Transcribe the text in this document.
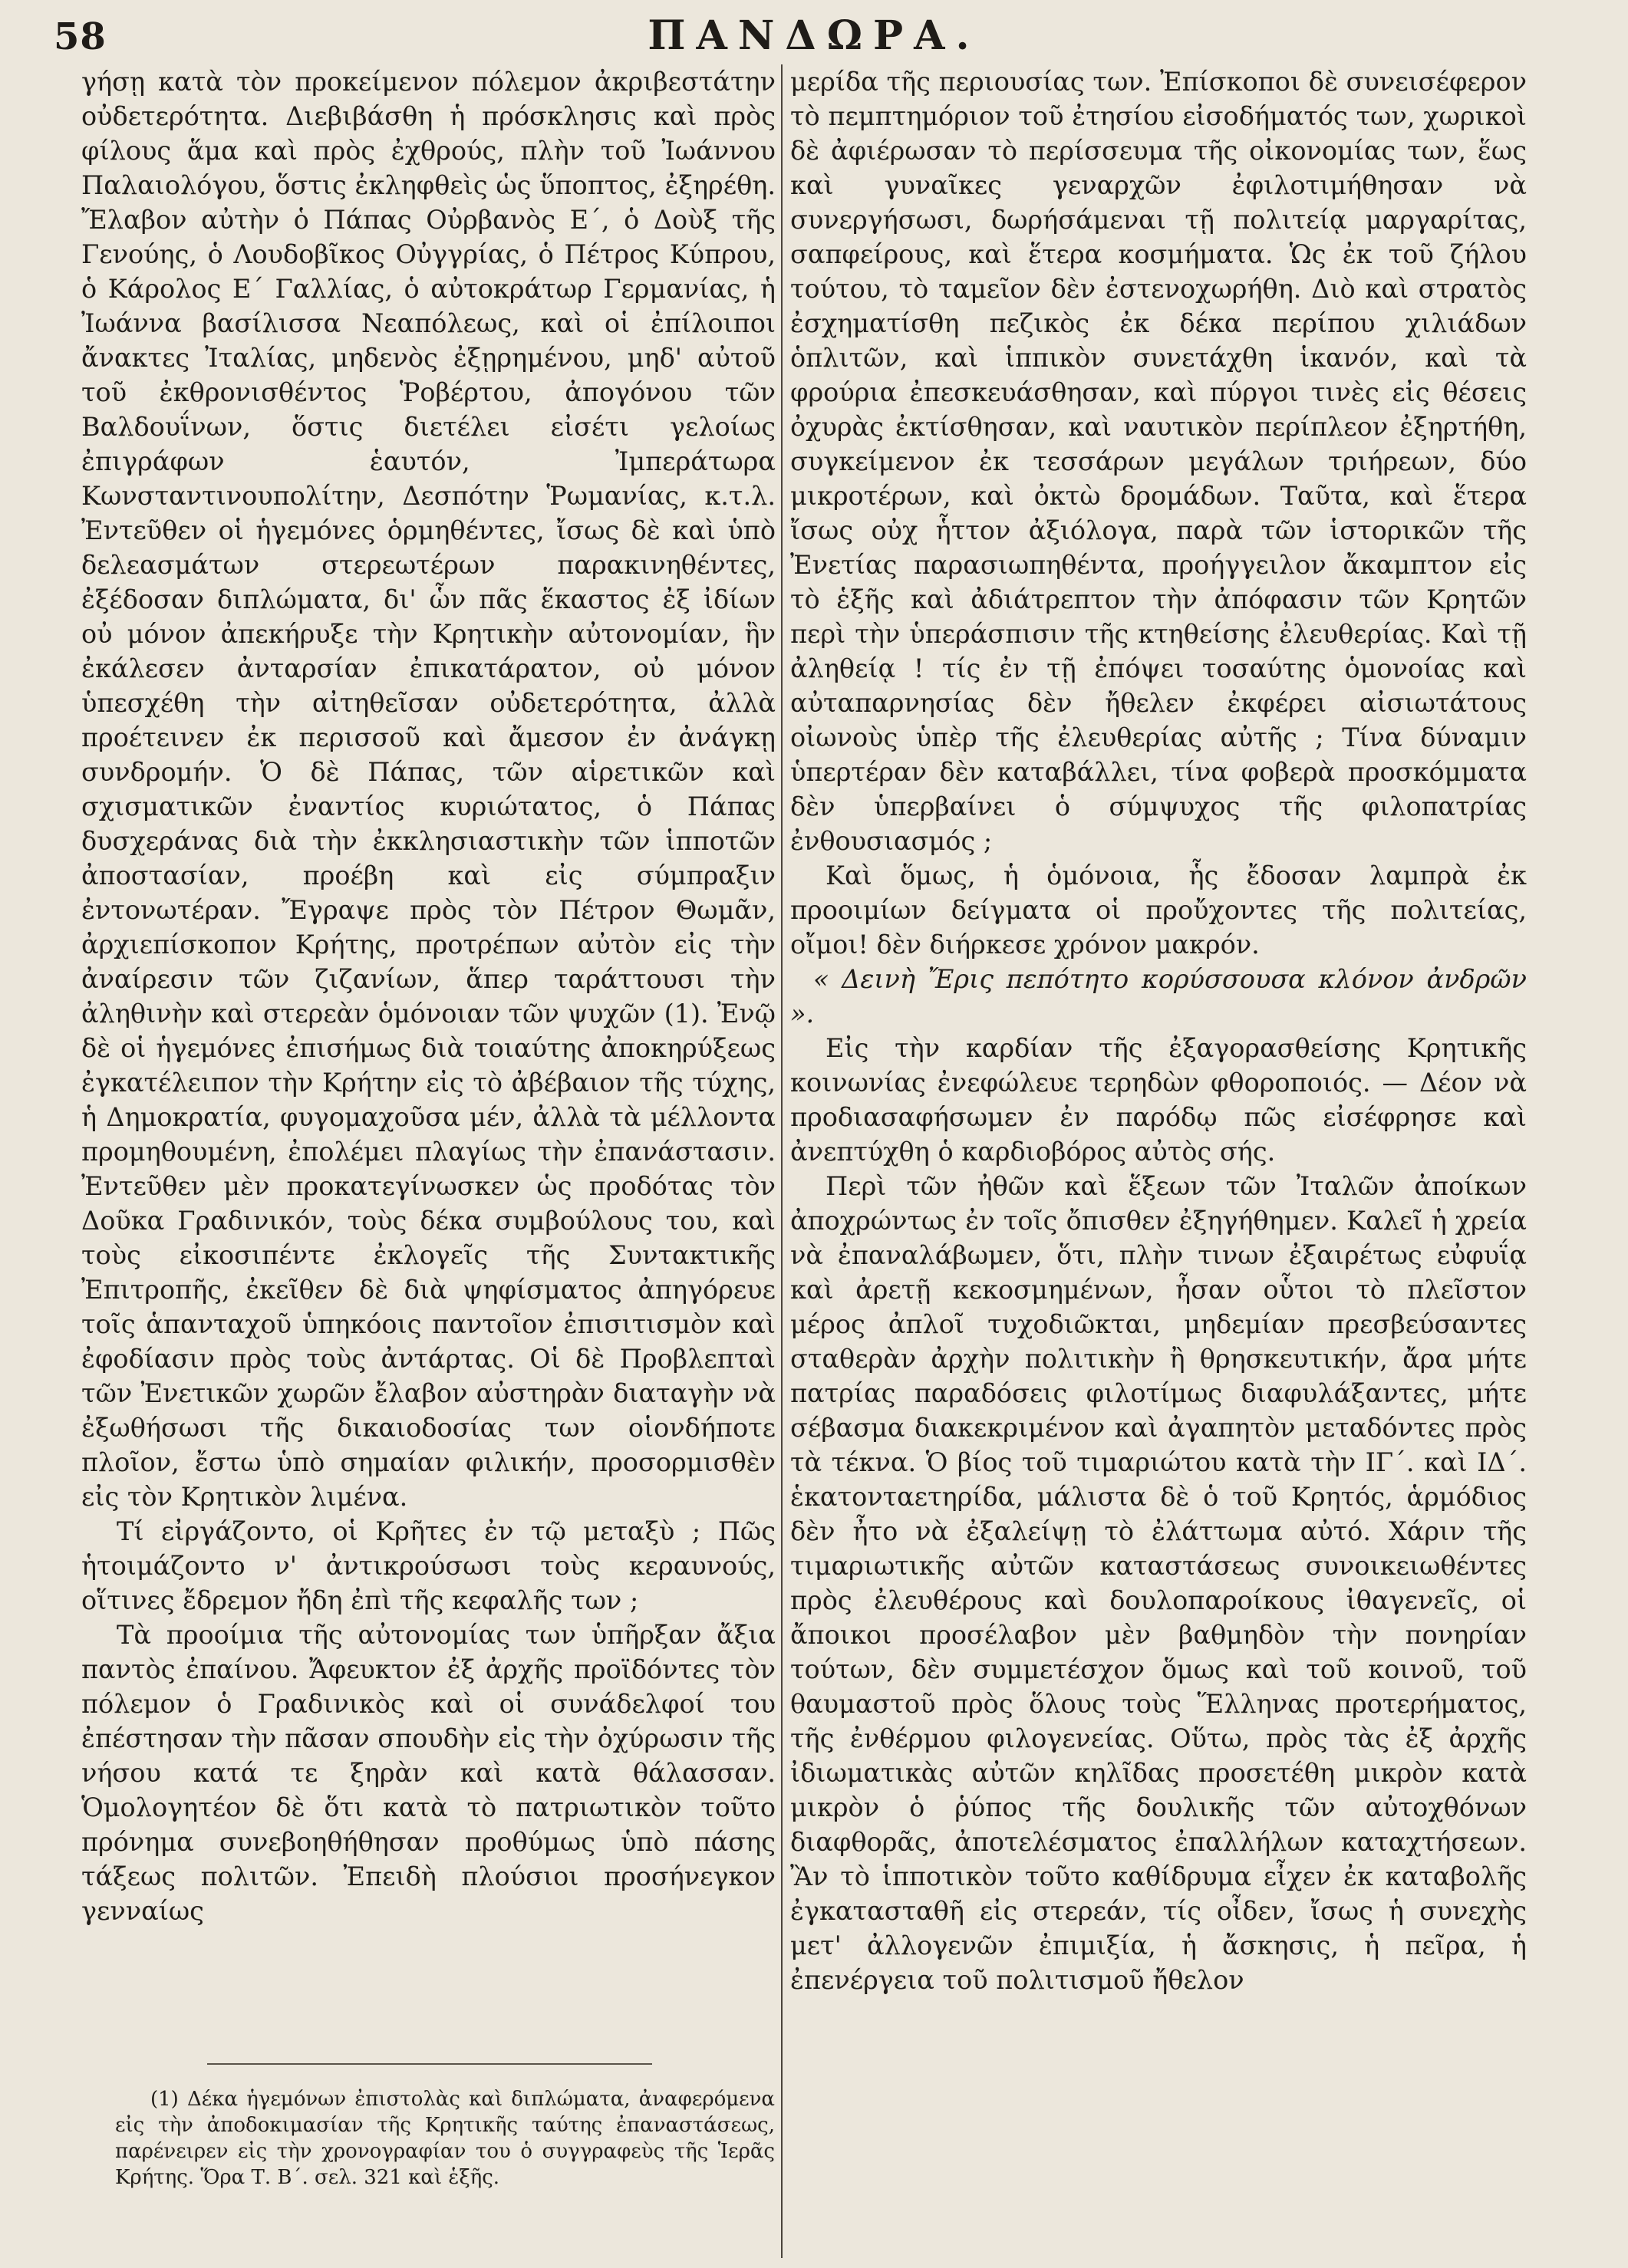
58	ΠΑΝΔΩΡΑ.

γήσῃ κατὰ τὸν προκείμενον πόλεμον ἀκριβεστάτην οὐδετερότητα. Διεβιβάσθη ἡ πρόσκλησις καὶ πρὸς φίλους ἅμα καὶ πρὸς ἐχθρούς, πλὴν τοῦ Ἰωάννου Παλαιολόγου, ὅστις ἐκληφθεὶς ὡς ὕποπτος, ἐξηρέθη. Ἔλαβον αὐτὴν ὁ Πάπας Οὐρβανὸς Ε΄, ὁ Δοὺξ τῆς Γενούης, ὁ Λουδοβῖκος Οὐγγρίας, ὁ Πέτρος Κύπρου, ὁ Κάρολος Ε΄ Γαλλίας, ὁ αὐτοκράτωρ Γερμανίας, ἡ Ἰωάννα βασίλισσα Νεαπόλεως, καὶ οἱ ἐπίλοιποι ἄνακτες Ἰταλίας, μηδενὸς ἐξῃρημένου, μηδ' αὐτοῦ τοῦ ἐκθρονισθέντος Ῥοβέρτου, ἀπογόνου τῶν Βαλδουΐνων, ὅστις διετέλει εἰσέτι γελοίως ἐπιγράφων ἑαυτόν, Ἰμπεράτωρα Κωνσταντινουπολίτην, Δεσπότην Ῥωμανίας, κ.τ.λ. Ἐντεῦθεν οἱ ἡγεμόνες ὁρμηθέντες, ἴσως δὲ καὶ ὑπὸ δελεασμάτων στερεωτέρων παρακινηθέντες, ἐξέδοσαν διπλώματα, δι' ὧν πᾶς ἕκαστος ἐξ ἰδίων οὐ μόνον ἀπεκήρυξε τὴν Κρητικὴν αὐτονομίαν, ἣν ἐκάλεσεν ἀνταρσίαν ἐπικατάρατον, οὐ μόνον ὑπεσχέθη τὴν αἰτηθεῖσαν οὐδετερότητα, ἀλλὰ προέτεινεν ἐκ περισσοῦ καὶ ἄμεσον ἐν ἀνάγκῃ συνδρομήν. Ὁ δὲ Πάπας, τῶν αἱρετικῶν καὶ σχισματικῶν ἐναντίος κυριώτατος, ὁ Πάπας δυσχεράνας διὰ τὴν ἐκκλησιαστικὴν τῶν ἱπποτῶν ἀποστασίαν, προέβη καὶ εἰς σύμπραξιν ἐντονωτέραν. Ἔγραψε πρὸς τὸν Πέτρον Θωμᾶν, ἀρχιεπίσκοπον Κρήτης, προτρέπων αὐτὸν εἰς τὴν ἀναίρεσιν τῶν ζιζανίων, ἅπερ ταράττουσι τὴν ἀληθινὴν καὶ στερεὰν ὁμόνοιαν τῶν ψυχῶν (1). Ἐνῷ δὲ οἱ ἡγεμόνες ἐπισήμως διὰ τοιαύτης ἀποκηρύξεως ἐγκατέλειπον τὴν Κρήτην εἰς τὸ ἀβέβαιον τῆς τύχης, ἡ Δημοκρατία, φυγομαχοῦσα μέν, ἀλλὰ τὰ μέλλοντα προμηθουμένη, ἐπολέμει πλαγίως τὴν ἐπανάστασιν. Ἐντεῦθεν μὲν προκατεγίνωσκεν ὡς προδότας τὸν Δοῦκα Γραδινικόν, τοὺς δέκα συμβούλους του, καὶ τοὺς εἰκοσιπέντε ἐκλογεῖς τῆς Συντακτικῆς Ἐπιτροπῆς, ἐκεῖθεν δὲ διὰ ψηφίσματος ἀπηγόρευε τοῖς ἁπανταχοῦ ὑπηκόοις παντοῖον ἐπισιτισμὸν καὶ ἐφοδίασιν πρὸς τοὺς ἀντάρτας. Οἱ δὲ Προβλεπταὶ τῶν Ἐνετικῶν χωρῶν ἔλαβον αὐστηρὰν διαταγὴν νὰ ἐξωθήσωσι τῆς δικαιοδοσίας των οἱονδήποτε πλοῖον, ἔστω ὑπὸ σημαίαν φιλικήν, προσορμισθὲν εἰς τὸν Κρητικὸν λιμένα.

Τί εἰργάζοντο, οἱ Κρῆτες ἐν τῷ μεταξὺ ; Πῶς ἡτοιμάζοντο ν' ἀντικρούσωσι τοὺς κεραυνούς, οἵτινες ἔδρεμον ἤδη ἐπὶ τῆς κεφαλῆς των ;

Τὰ προοίμια τῆς αὐτονομίας των ὑπῆρξαν ἄξια παντὸς ἐπαίνου. Ἄφευκτον ἐξ ἀρχῆς προϊδόντες τὸν πόλεμον ὁ Γραδινικὸς καὶ οἱ συνάδελφοί του ἐπέστησαν τὴν πᾶσαν σπουδὴν εἰς τὴν ὀχύρωσιν τῆς νήσου κατά τε ξηρὰν καὶ κατὰ θάλασσαν. Ὁμολογητέον δὲ ὅτι κατὰ τὸ πατριωτικὸν τοῦτο πρόνημα συνεβοηθήθησαν προθύμως ὑπὸ πάσης τάξεως πολιτῶν. Ἐπειδὴ πλούσιοι προσήνεγκον γενναίως

μερίδα τῆς περιουσίας των. Ἐπίσκοποι δὲ συνεισέφερον τὸ πεμπτημόριον τοῦ ἐτησίου εἰσοδήματός των, χωρικοὶ δὲ ἀφιέρωσαν τὸ περίσσευμα τῆς οἰκονομίας των, ἕως καὶ γυναῖκες γεναρχῶν ἐφιλοτιμήθησαν νὰ συνεργήσωσι, δωρήσάμεναι τῇ πολιτείᾳ μαργαρίτας, σαπφείρους, καὶ ἕτερα κοσμήματα. Ὡς ἐκ τοῦ ζήλου τούτου, τὸ ταμεῖον δὲν ἐστενοχωρήθη. Διὸ καὶ στρατὸς ἐσχηματίσθη πεζικὸς ἐκ δέκα περίπου χιλιάδων ὁπλιτῶν, καὶ ἱππικὸν συνετάχθη ἱκανόν, καὶ τὰ φρούρια ἐπεσκευάσθησαν, καὶ πύργοι τινὲς εἰς θέσεις ὀχυρὰς ἐκτίσθησαν, καὶ ναυτικὸν περίπλεον ἐξηρτήθη, συγκείμενον ἐκ τεσσάρων μεγάλων τριήρεων, δύο μικροτέρων, καὶ ὀκτὼ δρομάδων. Ταῦτα, καὶ ἕτερα ἴσως οὐχ ἧττον ἀξιόλογα, παρὰ τῶν ἱστορικῶν τῆς Ἐνετίας παρασιωπηθέντα, προήγγειλον ἄκαμπτον εἰς τὸ ἑξῆς καὶ ἀδιάτρεπτον τὴν ἀπόφασιν τῶν Κρητῶν περὶ τὴν ὑπεράσπισιν τῆς κτηθείσης ἐλευθερίας. Καὶ τῇ ἀληθείᾳ ! τίς ἐν τῇ ἐπόψει τοσαύτης ὁμονοίας καὶ αὐταπαρνησίας δὲν ἤθελεν ἐκφέρει αἰσιωτάτους οἰωνοὺς ὑπὲρ τῆς ἐλευθερίας αὐτῆς ; Τίνα δύναμιν ὑπερτέραν δὲν καταβάλλει, τίνα φοβερὰ προσκόμματα δὲν ὑπερβαίνει ὁ σύμψυχος τῆς φιλοπατρίας ἐνθουσιασμός ;

Καὶ ὅμως, ἡ ὁμόνοια, ἧς ἔδοσαν λαμπρὰ ἐκ προοιμίων δείγματα οἱ προὔχοντες τῆς πολιτείας, οἴμοι! δὲν διήρκεσε χρόνον μακρόν.

« Δεινὴ Ἔρις πεπότητο κορύσσουσα κλόνον ἀνδρῶν ».

Εἰς τὴν καρδίαν τῆς ἐξαγορασθείσης Κρητικῆς κοινωνίας ἐνεφώλευε τερηδὼν φθοροποιός. — Δέον νὰ προδιασαφήσωμεν ἐν παρόδῳ πῶς εἰσέφρησε καὶ ἀνεπτύχθη ὁ καρδιοβόρος αὐτὸς σής.

Περὶ τῶν ἠθῶν καὶ ἕξεων τῶν Ἰταλῶν ἀποίκων ἀποχρώντως ἐν τοῖς ὄπισθεν ἐξηγήθημεν. Καλεῖ ἡ χρεία νὰ ἐπαναλάβωμεν, ὅτι, πλὴν τινων ἐξαιρέτως εὐφυΐᾳ καὶ ἀρετῇ κεκοσμημένων, ἦσαν οὗτοι τὸ πλεῖστον μέρος ἀπλοῖ τυχοδιῶκται, μηδεμίαν πρεσβεύσαντες σταθερὰν ἀρχὴν πολιτικὴν ἢ θρησκευτικήν, ἄρα μήτε πατρίας παραδόσεις φιλοτίμως διαφυλάξαντες, μήτε σέβασμα διακεκριμένον καὶ ἀγαπητὸν μεταδόντες πρὸς τὰ τέκνα. Ὁ βίος τοῦ τιμαριώτου κατὰ τὴν ΙΓ΄. καὶ ΙΔ΄. ἑκατονταετηρίδα, μάλιστα δὲ ὁ τοῦ Κρητός, ἁρμόδιος δὲν ἦτο νὰ ἐξαλείψῃ τὸ ἐλάττωμα αὐτό. Χάριν τῆς τιμαριωτικῆς αὐτῶν καταστάσεως συνοικειωθέντες πρὸς ἐλευθέρους καὶ δουλοπαροίκους ἰθαγενεῖς, οἱ ἄποικοι προσέλαβον μὲν βαθμηδὸν τὴν πονηρίαν τούτων, δὲν συμμετέσχον ὅμως καὶ τοῦ κοινοῦ, τοῦ θαυμαστοῦ πρὸς ὅλους τοὺς Ἕλληνας προτερήματος, τῆς ἐνθέρμου φιλογενείας. Οὕτω, πρὸς τὰς ἐξ ἀρχῆς ἰδιωματικὰς αὐτῶν κηλῖδας προσετέθη μικρὸν κατὰ μικρὸν ὁ ῥύπος τῆς δουλικῆς τῶν αὐτοχθόνων διαφθορᾶς, ἀποτελέσματος ἐπαλλήλων καταχτήσεων. Ἂν τὸ ἱπποτικὸν τοῦτο καθίδρυμα εἶχεν ἐκ καταβολῆς ἐγκατασταθῆ εἰς στερεάν, τίς οἶδεν, ἴσως ἡ συνεχὴς μετ' ἀλλογενῶν ἐπιμιξία, ἡ ἄσκησις, ἡ πεῖρα, ἡ ἐπενέργεια τοῦ πολιτισμοῦ ἤθελον

(1) Δέκα ἡγεμόνων ἐπιστολὰς καὶ διπλώματα, ἀναφερόμενα εἰς τὴν ἀποδοκιμασίαν τῆς Κρητικῆς ταύτης ἐπαναστάσεως, παρένειρεν εἰς τὴν χρονογραφίαν του ὁ συγγραφεὺς τῆς Ἱερᾶς Κρήτης. Ὅρα Τ. Β΄. σελ. 321 καὶ ἑξῆς.
